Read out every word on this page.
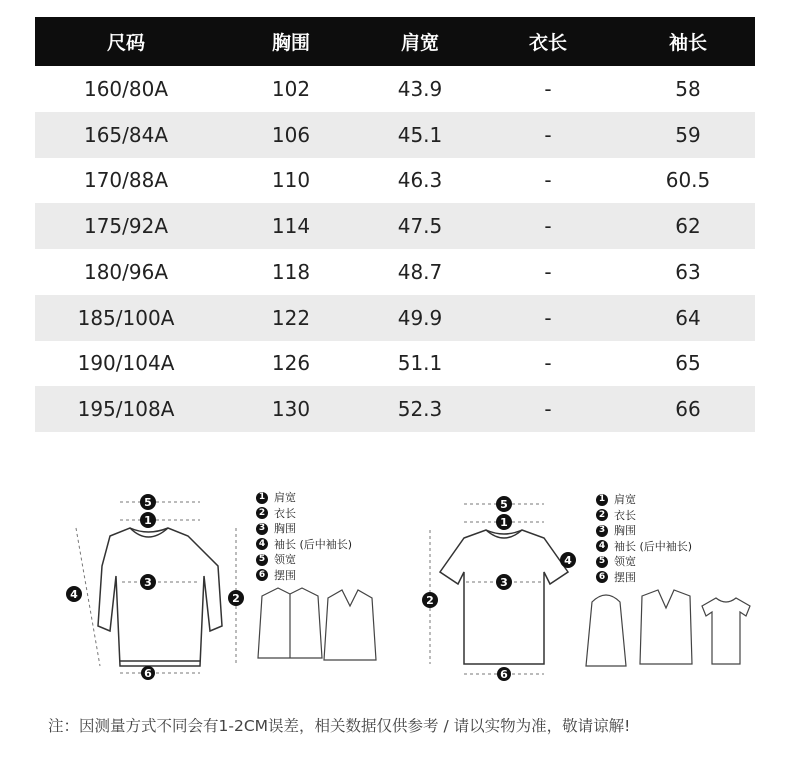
尺码	胸围	肩宽	衣长	袖长
160/80A	102	43.9	-	58
165/84A	106	45.1	-	59
170/88A	110	46.3	-	60.5
175/92A	114	47.5	-	62
180/96A	118	48.7	-	63
185/100A	122	49.9	-	64
190/104A	126	51.1	-	65
195/108A	130	52.3	-	66
5
1
3
2
4
6
1 肩宽
2 衣长
3 胸围
4 袖长 (后中袖长)
5 领宽
6 摆围
5
1
3
2
4
6
1 肩宽
2 衣长
3 胸围
4 袖长 (后中袖长)
5 领宽
6 摆围
注：因测量方式不同会有1-2CM误差，相关数据仅供参考 / 请以实物为准，敬请谅解!
